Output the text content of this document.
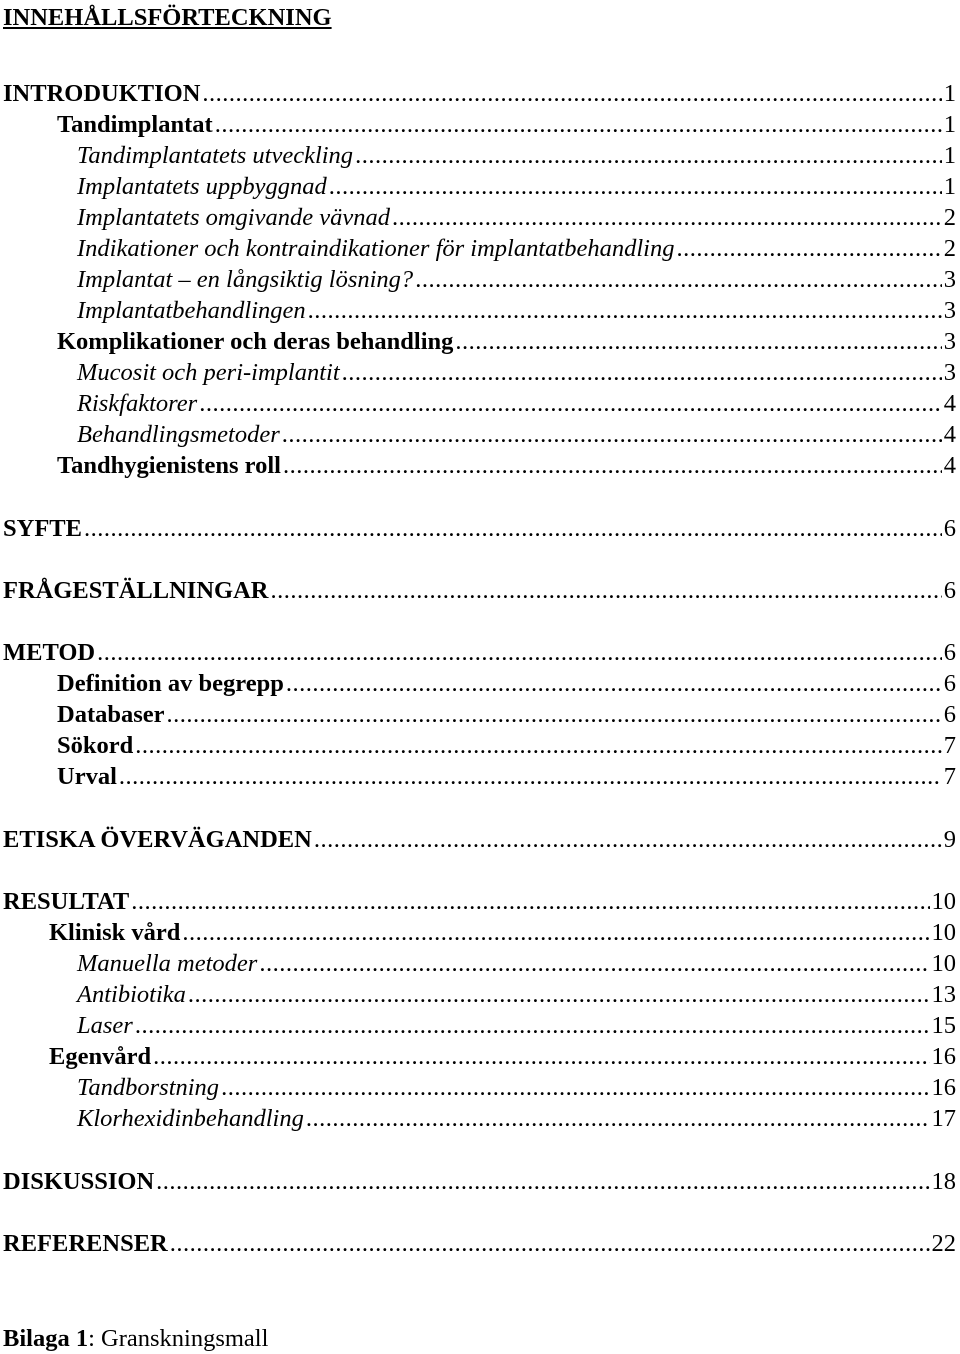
INNEHÅLLSFÖRTECKNING
INTRODUKTION .....	1
Tandimplantat .....	1
Tandimplantatets utveckling .....	1
Implantatets uppbyggnad .....	1
Implantatets omgivande vävnad .....	2
Indikationer och kontraindikationer för implantatbehandling .....	2
Implantat – en långsiktig lösning? .....	3
Implantatbehandlingen .....	3
Komplikationer och deras behandling .....	3
Mucosit och peri-implantit .....	3
Riskfaktorer .....	4
Behandlingsmetoder .....	4
Tandhygienistens roll .....	4
SYFTE .....	6
FRÅGESTÄLLNINGAR .....	6
METOD .....	6
Definition av begrepp .....	6
Databaser .....	6
Sökord .....	7
Urval .....	7
ETISKA ÖVERVÄGANDEN .....	9
RESULTAT .....	10
Klinisk vård .....	10
Manuella metoder .....	10
Antibiotika .....	13
Laser .....	15
Egenvård .....	16
Tandborstning .....	16
Klorhexidinbehandling .....	17
DISKUSSION .....	18
REFERENSER .....	22
Bilaga 1: Granskningsmall
